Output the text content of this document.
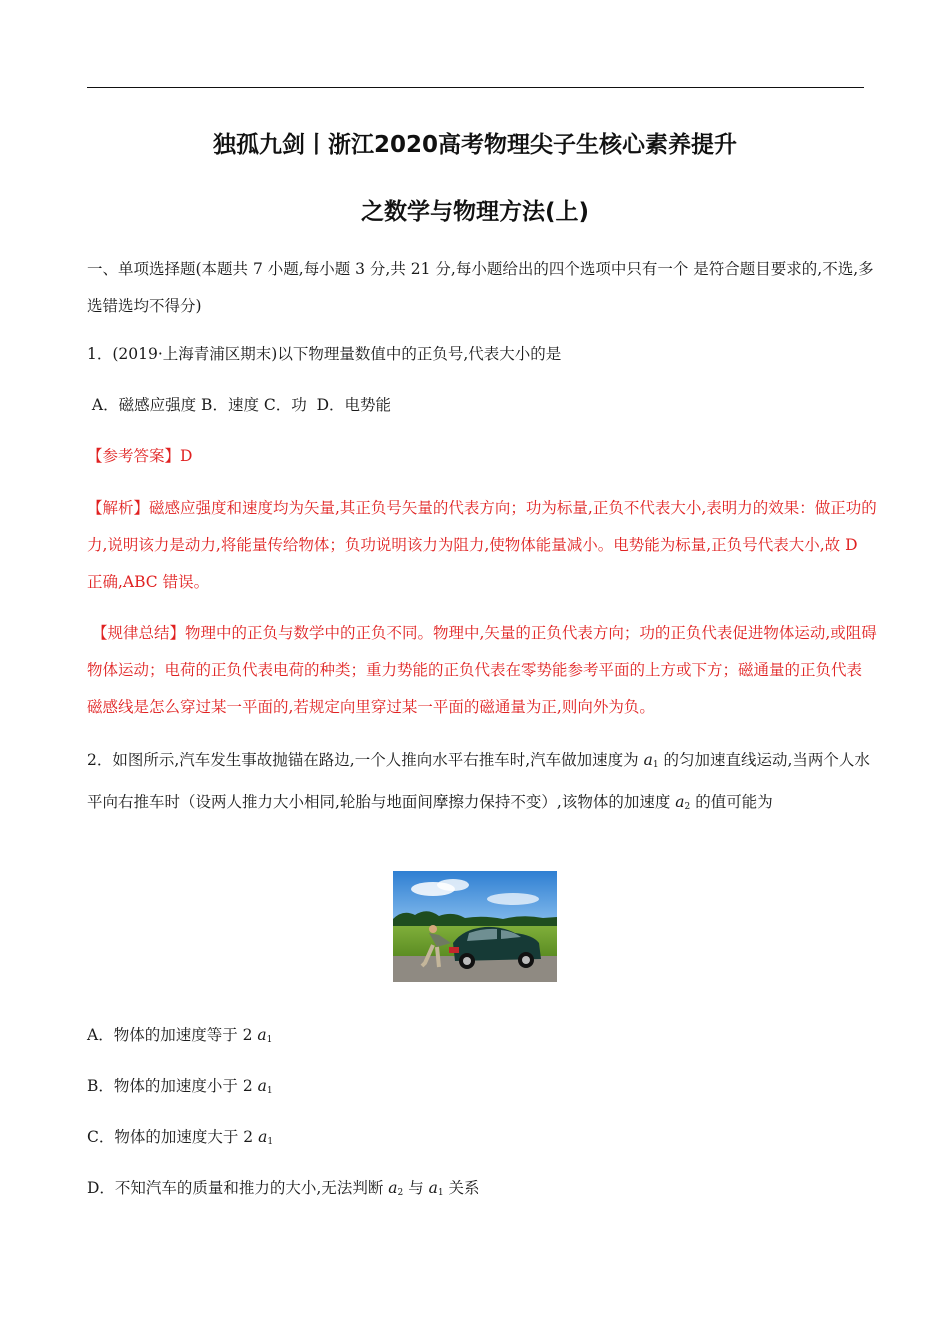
独孤九剑丨浙江2020高考物理尖子生核心素养提升
之数学与物理方法(上)

一、单项选择题(本题共 7 小题,每小题 3 分,共 21 分,每小题给出的四个选项中只有一个 是符合题目要求的,不选,多选错选均不得分)

1．(2019·上海青浦区期末)以下物理量数值中的正负号,代表大小的是

A．磁感应强度 B．速度 C．功  D．电势能

【参考答案】D

【解析】磁感应强度和速度均为矢量,其正负号矢量的代表方向；功为标量,正负不代表大小,表明力的效果：做正功的力,说明该力是动力,将能量传给物体；负功说明该力为阻力,使物体能量减小。电势能为标量,正负号代表大小,故 D 正确,ABC 错误。

【规律总结】物理中的正负与数学中的正负不同。物理中,矢量的正负代表方向；功的正负代表促进物体运动,或阻碍物体运动；电荷的正负代表电荷的种类；重力势能的正负代表在零势能参考平面的上方或下方；磁通量的正负代表磁感线是怎么穿过某一平面的,若规定向里穿过某一平面的磁通量为正,则向外为负。

2．如图所示,汽车发生事故抛锚在路边,一个人推向水平右推车时,汽车做加速度为 $a_1$ 的匀加速直线运动,当两个人水平向右推车时（设两人推力大小相同,轮胎与地面间摩擦力保持不变）,该物体的加速度 $a_2$ 的值可能为

A．物体的加速度等于 2 $a_1$

B．物体的加速度小于 2 $a_1$

C．物体的加速度大于 2 $a_1$

D．不知汽车的质量和推力的大小,无法判断 $a_2$ 与 $a_1$ 关系
